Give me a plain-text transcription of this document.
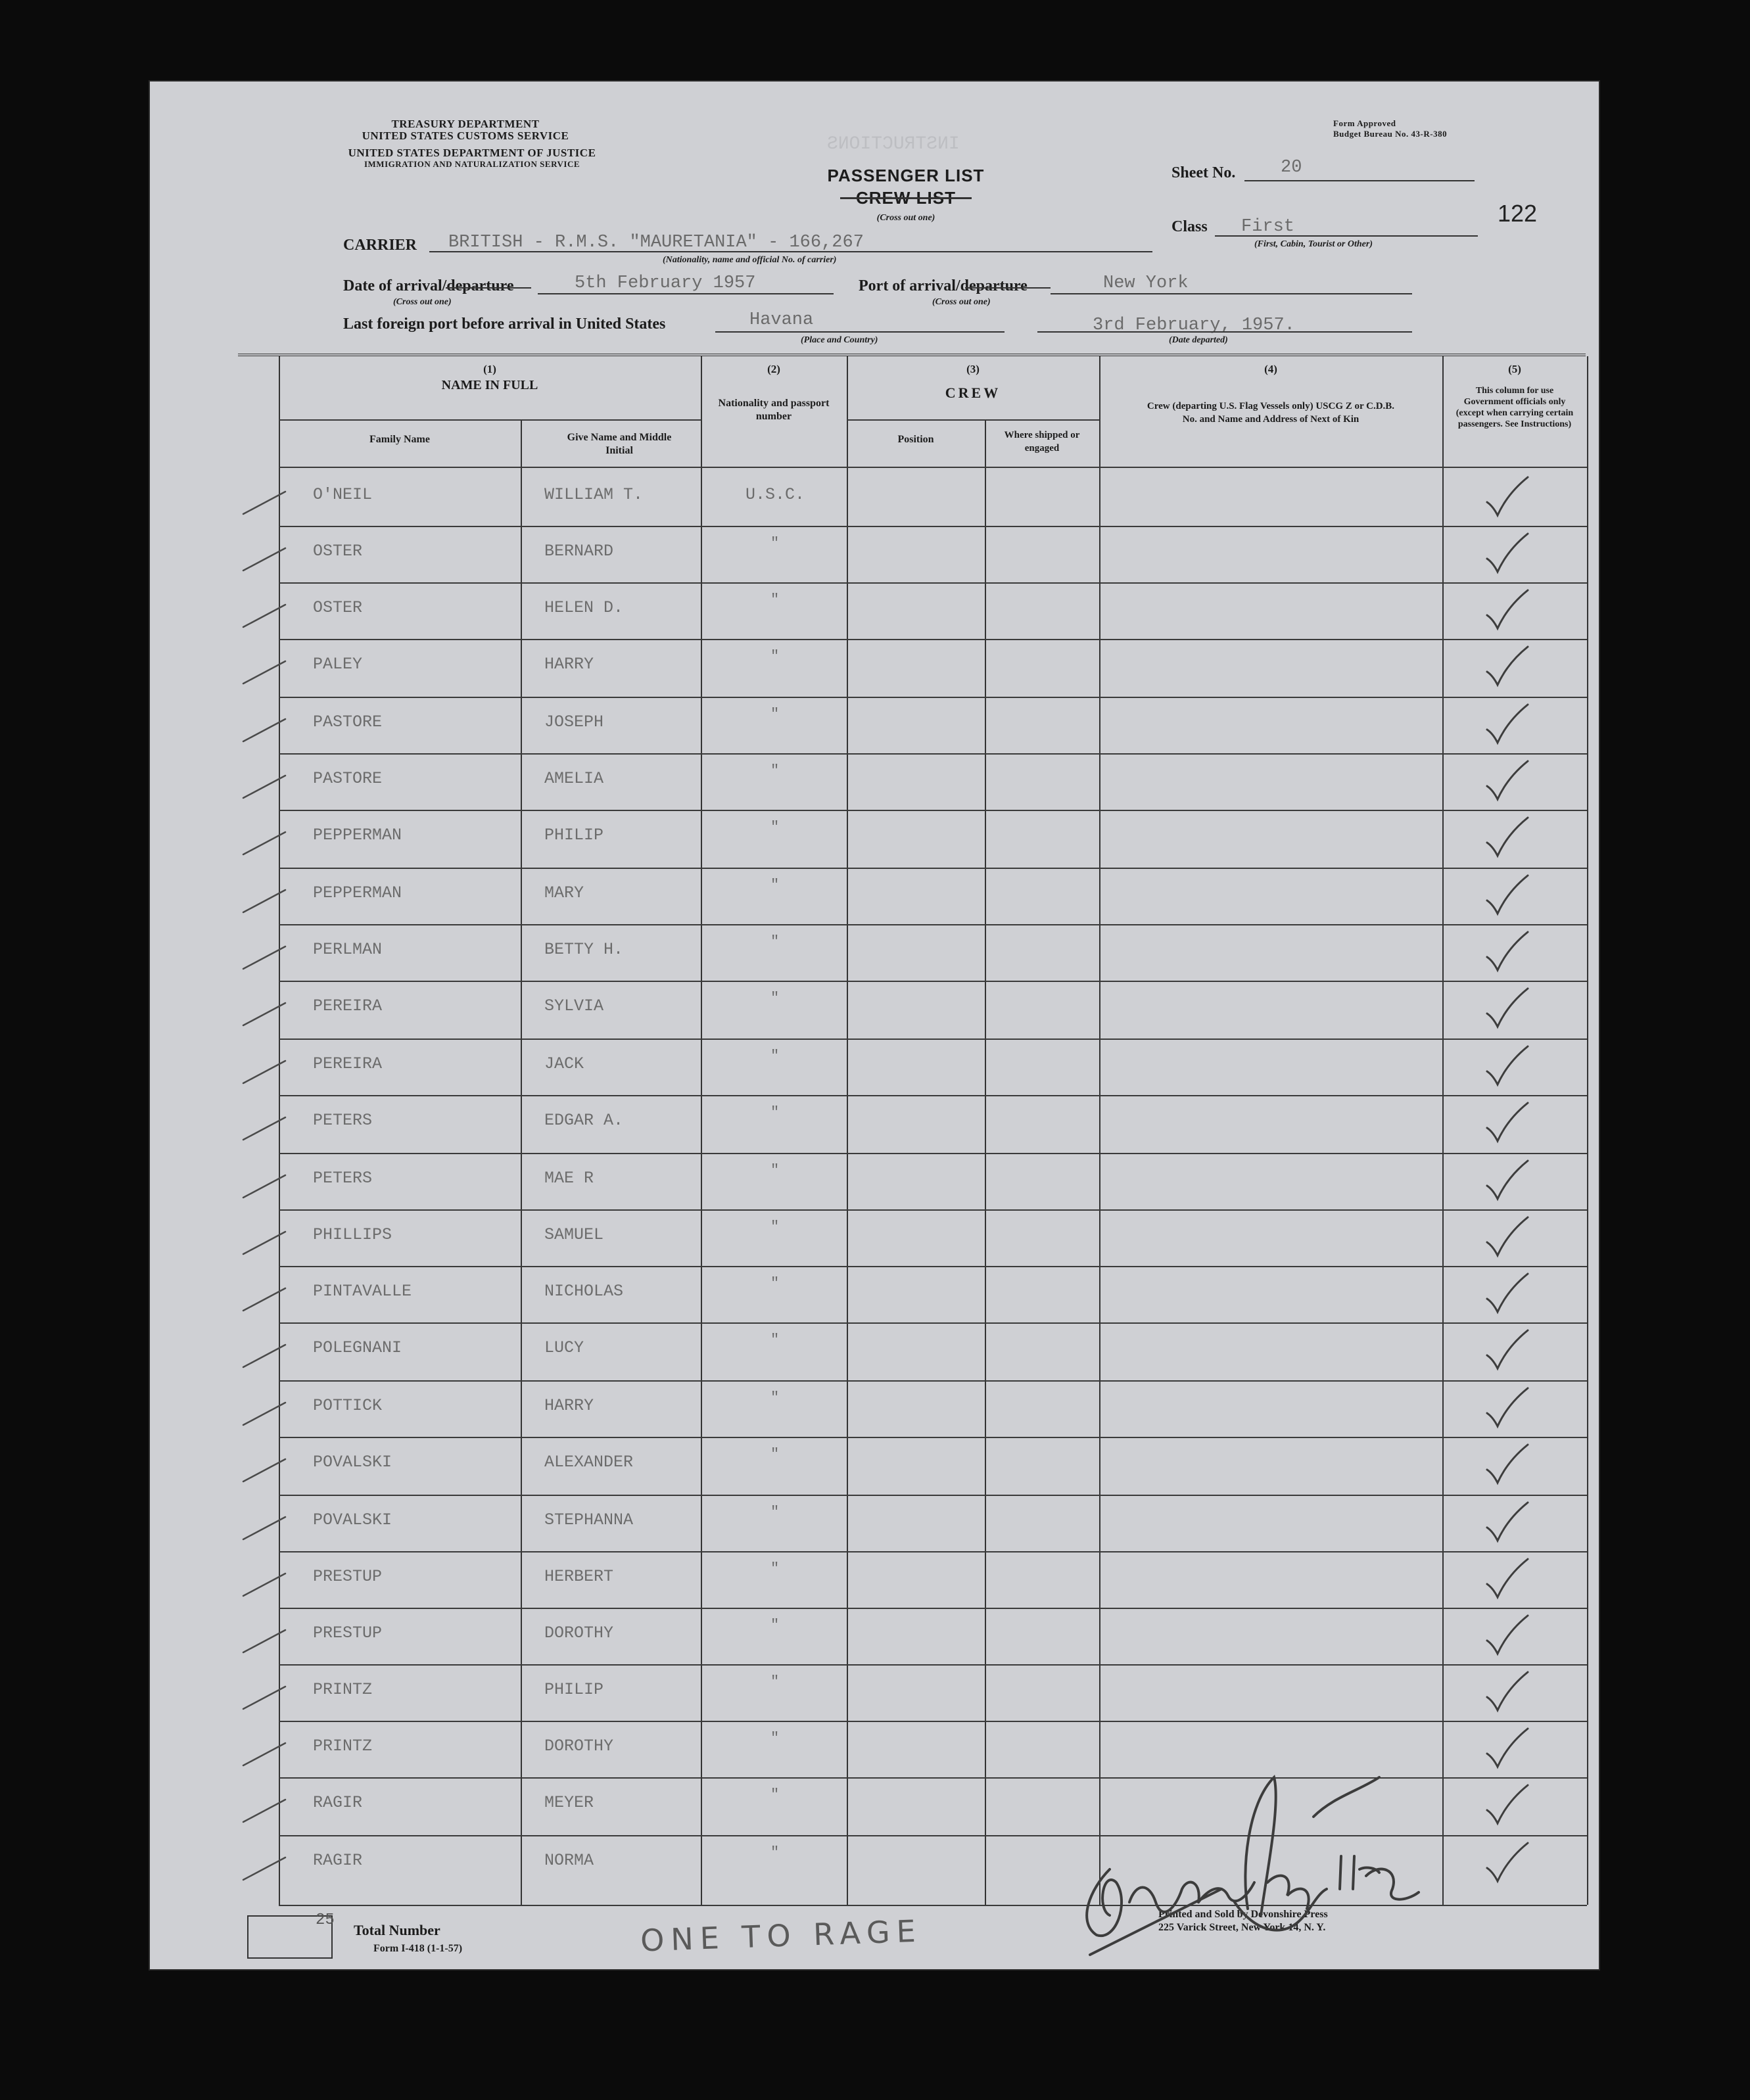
TREASURY DEPARTMENT
UNITED STATES CUSTOMS SERVICE
UNITED STATES DEPARTMENT OF JUSTICE
IMMIGRATION AND NATURALIZATION SERVICE
Form Approved
Budget Bureau No. 43-R-380
INSTRUCTIONS
PASSENGER LIST
CREW LIST
(Cross out one)
Sheet No.	20
122
Class First
(First, Cabin, Tourist or Other)
CARRIER BRITISH - R.M.S. "MAURETANIA" - 166,267
(Nationality, name and official No. of carrier)
Date of arrival/departure	5th February 1957
(Cross out one)
Port of arrival/departure	New York
(Cross out one)
Last foreign port before arrival in United States	Havana
(Place and Country)
3rd February, 1957.
(Date departed)
(1)
NAME IN FULL
Family Name	Give Name and Middle Initial
(2)
Nationality and passport number
(3)
CREW
Position	Where shipped or engaged
(4)
Crew (departing U.S. Flag Vessels only) USCG Z or C.D.B. No. and Name and Address of Next of Kin
(5)
This column for use Government officials only (except when carrying certain passengers. See Instructions)
O'NEIL	WILLIAM T.	U.S.C.
OSTER	BERNARD	"
OSTER	HELEN D.	"
PALEY	HARRY	"
PASTORE	JOSEPH	"
PASTORE	AMELIA	"
PEPPERMAN	PHILIP	"
PEPPERMAN	MARY	"
PERLMAN	BETTY H.	"
PEREIRA	SYLVIA	"
PEREIRA	JACK	"
PETERS	EDGAR A.	"
PETERS	MAE R	"
PHILLIPS	SAMUEL	"
PINTAVALLE	NICHOLAS	"
POLEGNANI	LUCY	"
POTTICK	HARRY	"
POVALSKI	ALEXANDER	"
POVALSKI	STEPHANNA	"
PRESTUP	HERBERT	"
PRESTUP	DOROTHY	"
PRINTZ	PHILIP	"
PRINTZ	DOROTHY	"
RAGIR	MEYER	"
RAGIR	NORMA	"
25
Total Number
Form I-418 (1-1-57)	ONE TO RAGE	Printed and Sold by Devonshire Press
225 Varick Street, New York 14, N. Y.
